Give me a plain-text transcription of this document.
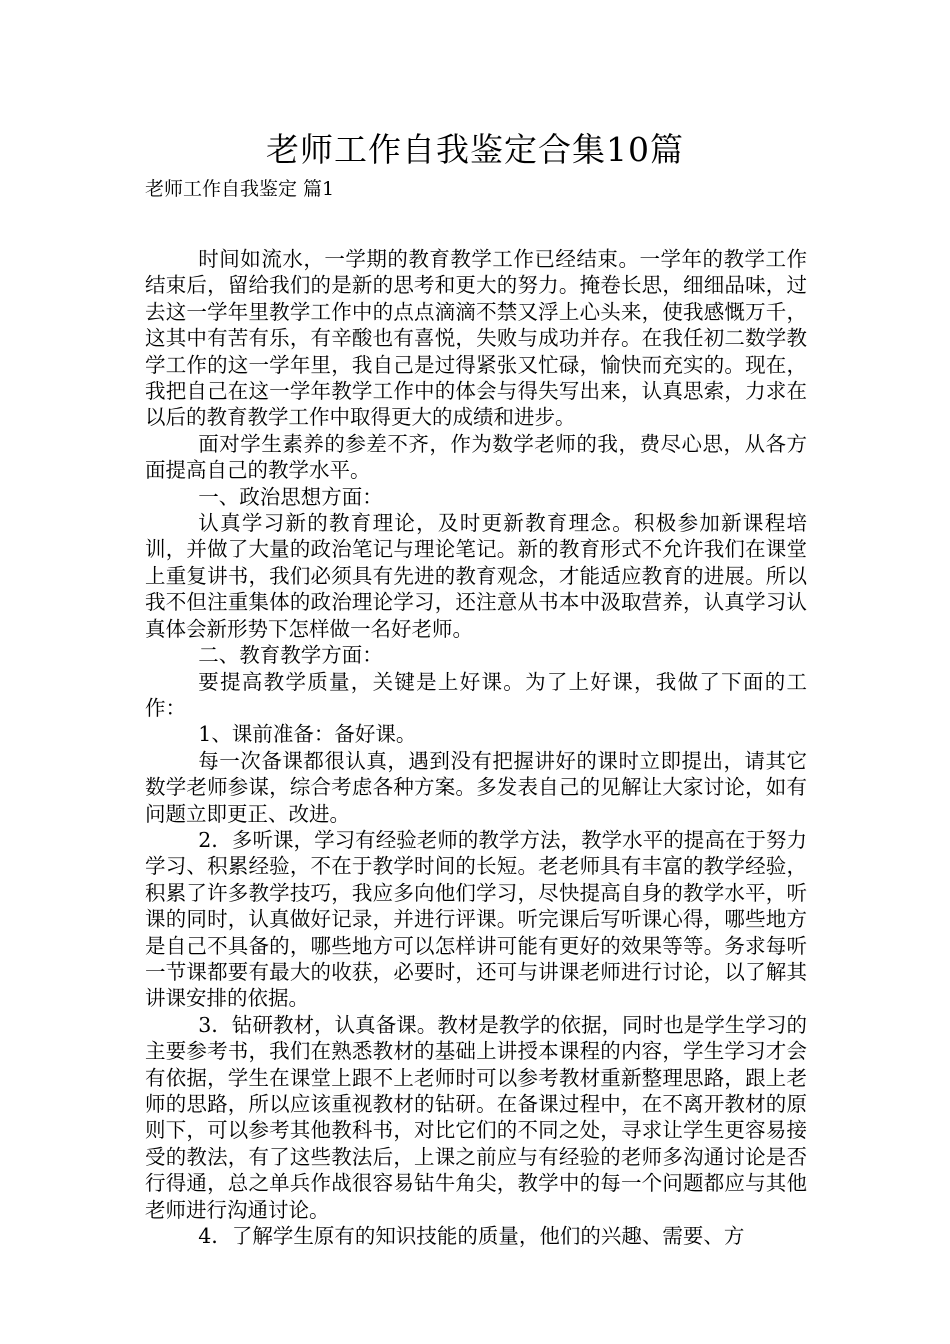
老师工作自我鉴定合集10篇
老师工作自我鉴定 篇1

时间如流水，一学期的教育教学工作已经结束。一学年的教学工作结束后，留给我们的是新的思考和更大的努力。掩卷长思，细细品味，过去这一学年里教学工作中的点点滴滴不禁又浮上心头来，使我感慨万千，这其中有苦有乐，有辛酸也有喜悦，失败与成功并存。在我任初二数学教学工作的这一学年里，我自己是过得紧张又忙碌，愉快而充实的。现在，我把自己在这一学年教学工作中的体会与得失写出来，认真思索，力求在以后的教育教学工作中取得更大的成绩和进步。

面对学生素养的参差不齐，作为数学老师的我，费尽心思，从各方面提高自己的教学水平。

一、政治思想方面：

认真学习新的教育理论，及时更新教育理念。积极参加新课程培训，并做了大量的政治笔记与理论笔记。新的教育形式不允许我们在课堂上重复讲书，我们必须具有先进的教育观念，才能适应教育的进展。所以我不但注重集体的政治理论学习，还注意从书本中汲取营养，认真学习认真体会新形势下怎样做一名好老师。

二、教育教学方面：

要提高教学质量，关键是上好课。为了上好课，我做了下面的工作：

1、课前准备：备好课。

每一次备课都很认真，遇到没有把握讲好的课时立即提出，请其它数学老师参谋，综合考虑各种方案。多发表自己的见解让大家讨论，如有问题立即更正、改进。

2．多听课，学习有经验老师的教学方法，教学水平的提高在于努力学习、积累经验，不在于教学时间的长短。老老师具有丰富的教学经验，积累了许多教学技巧，我应多向他们学习，尽快提高自身的教学水平，听课的同时，认真做好记录，并进行评课。听完课后写听课心得，哪些地方是自己不具备的，哪些地方可以怎样讲可能有更好的效果等等。务求每听一节课都要有最大的收获，必要时，还可与讲课老师进行讨论，以了解其讲课安排的依据。

3．钻研教材，认真备课。教材是教学的依据，同时也是学生学习的主要参考书，我们在熟悉教材的基础上讲授本课程的内容，学生学习才会有依据，学生在课堂上跟不上老师时可以参考教材重新整理思路，跟上老师的思路，所以应该重视教材的钻研。在备课过程中，在不离开教材的原则下，可以参考其他教科书，对比它们的不同之处，寻求让学生更容易接受的教法，有了这些教法后，上课之前应与有经验的老师多沟通讨论是否行得通，总之单兵作战很容易钻牛角尖，教学中的每一个问题都应与其他老师进行沟通讨论。

4．了解学生原有的知识技能的质量，他们的兴趣、需要、方
